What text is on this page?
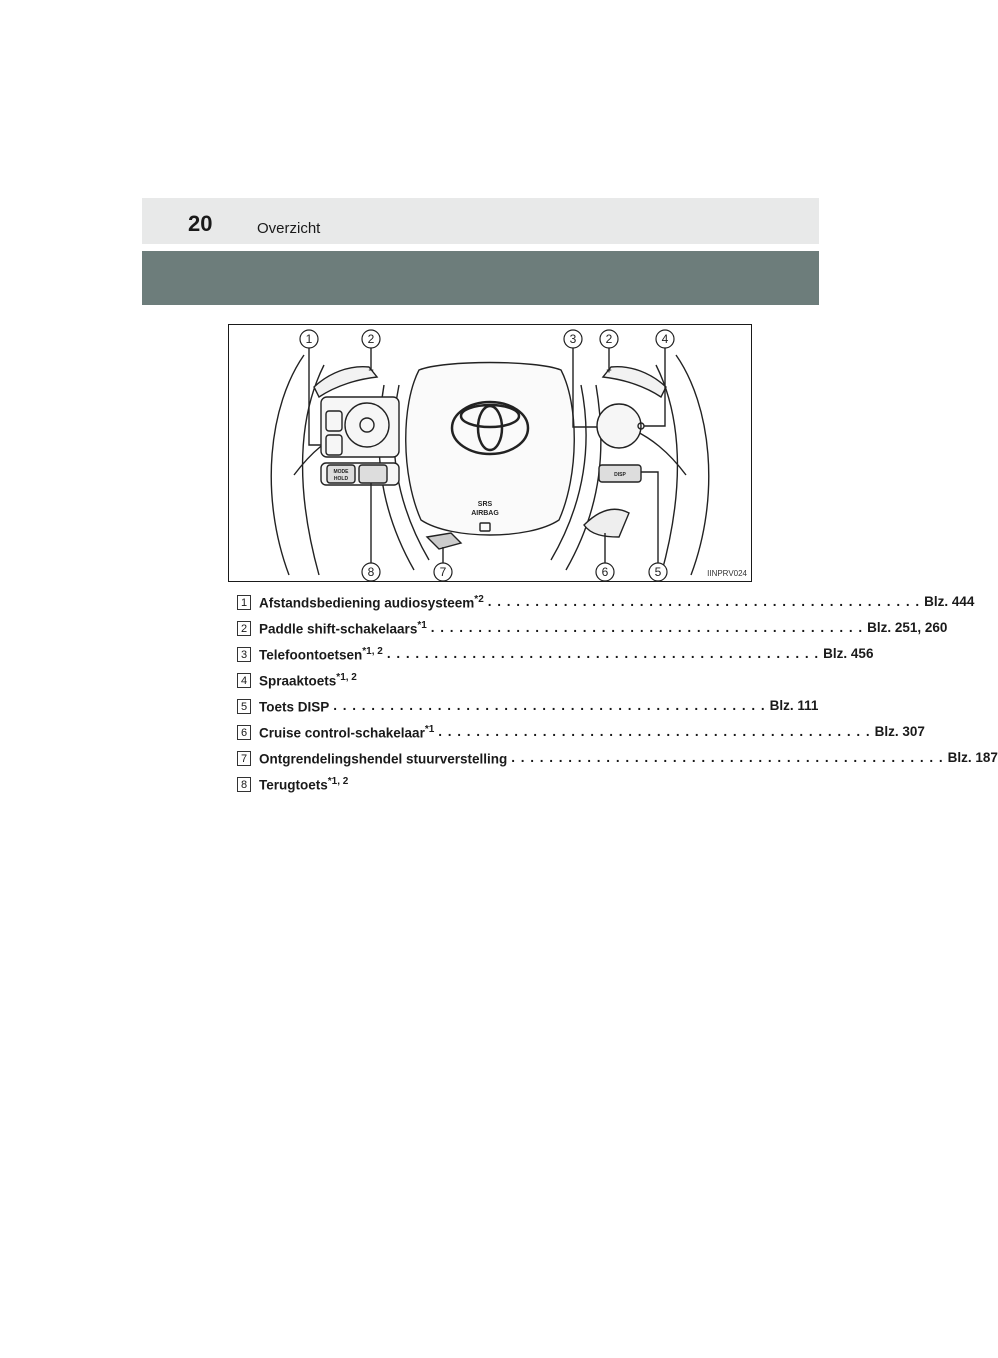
20	Overzicht
1	2	3 2	4
5
6
7
8
SRS
AIRBAG
MODE
HOLD
DISP
−	+
IINPRV024
1 Afstandsbediening audiosysteem$^{*2}$ . . . . . . . . . . . . . . . . . . . . . . . . . . . . . . . . . . . . . . . . . . . . . . Blz. 444
2 Paddle shift-schakelaars$^{*1}$ . . . . . . . . . . . . . . . . . . . . . . . . . . . . . . . . . . . . . . . . . . . . . . Blz. 251, 260
3 Telefoontoetsen$^{*1, 2}$ . . . . . . . . . . . . . . . . . . . . . . . . . . . . . . . . . . . . . . . . . . . . . . Blz. 456
4 Spraaktoets$^{*1, 2}$
5 Toets DISP . . . . . . . . . . . . . . . . . . . . . . . . . . . . . . . . . . . . . . . . . . . . . . Blz. 111
6 Cruise control-schakelaar$^{*1}$ . . . . . . . . . . . . . . . . . . . . . . . . . . . . . . . . . . . . . . . . . . . . . . Blz. 307
7 Ontgrendelingshendel stuurverstelling . . . . . . . . . . . . . . . . . . . . . . . . . . . . . . . . . . . . . . . . . . . . . . Blz. 187
8 Terugtoets$^{*1, 2}$
